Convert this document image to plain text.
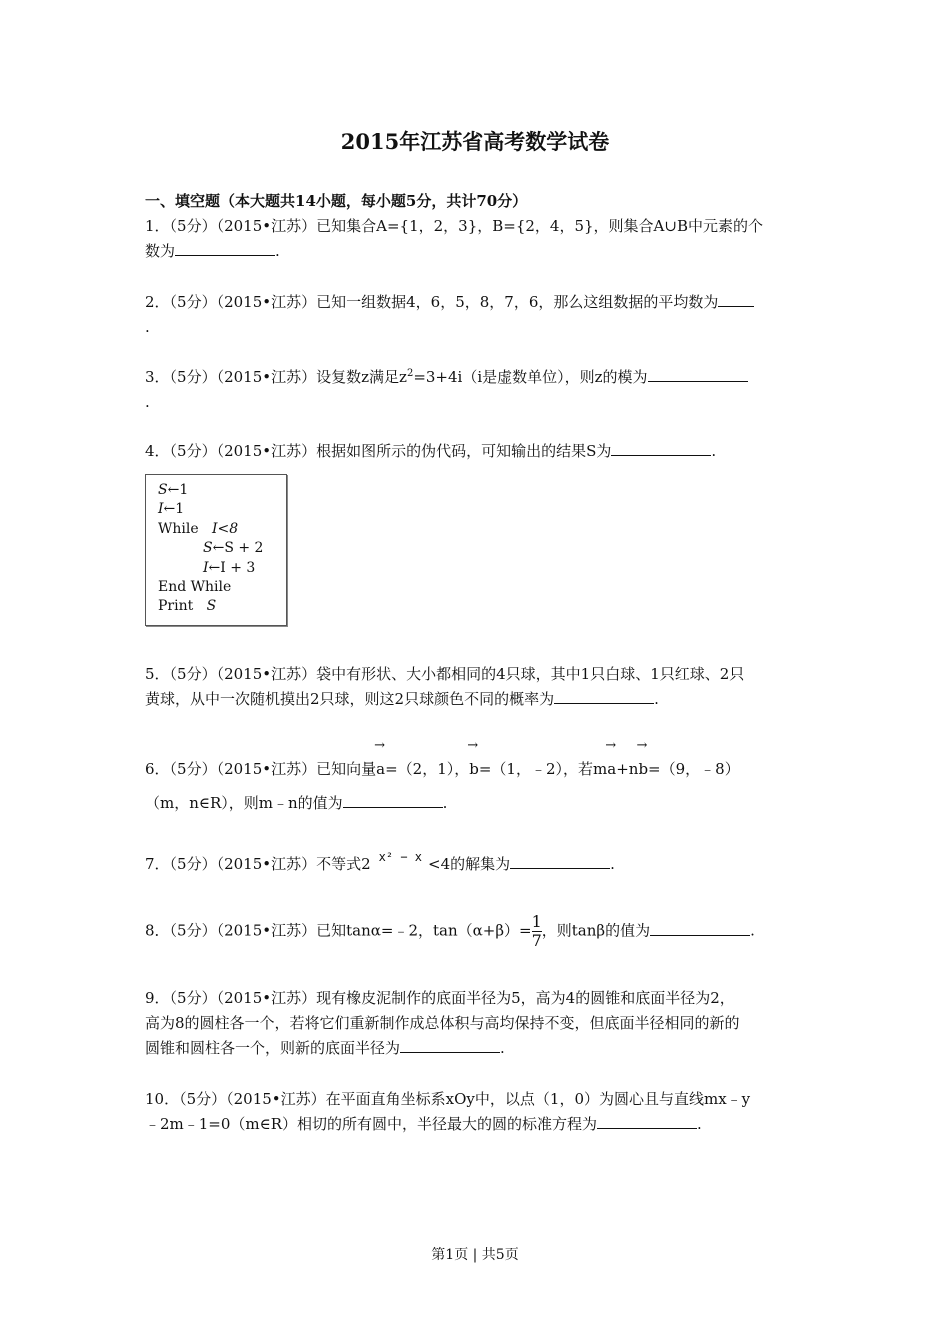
2015年江苏省高考数学试卷
一、填空题（本大题共14小题，每小题5分，共计70分）
1．（5分）（2015•江苏）已知集合A={1，2，3}，B={2，4，5}，则集合A∪B中元素的个
数为	.
2．（5分）（2015•江苏）已知一组数据4，6，5，8，7，6，那么这组数据的平均数为
.
3．（5分）（2015•江苏）设复数z满足$z^2=3+4i(i$是虚数单位），则z的模为
.
4．（5分）（2015•江苏）根据如图所示的伪代码，可知输出的结果S为	.
S←1
I←1
While I<8
S←S + 2
I←I + 3
End While
Print S
5．（5分）（2015•江苏）袋中有形状、大小都相同的4只球，其中1只白球、1只红球、2只
黄球，从中一次随机摸出2只球，则这2只球颜色不同的概率为	.
6．（5分）（2015•江苏）已知向量→ a=（2，1），→ b=（1，﹣2），若m→ a+n→ b=（9，﹣8）
（m，n∈R），则m﹣n的值为	.
7．（5分）（2015•江苏）不等式2 $^{x^2 - x}$ <4的解集为	.
8．（5分）（2015•江苏）已知tanα=﹣2，$\tan(\alpha+\beta)= \frac{1}{7}$ ，则tanβ的值为	.
9．（5分）（2015•江苏）现有橡皮泥制作的底面半径为5，高为4的圆锥和底面半径为2，
高为8的圆柱各一个，若将它们重新制作成总体积与高均保持不变，但底面半径相同的新的
圆锥和圆柱各一个，则新的底面半径为	.
10．（5分）（2015•江苏）在平面直角坐标系xOy中，以点（1，0）为圆心且与直线mx﹣y
﹣2m﹣1=0（m∈R）相切的所有圆中，半径最大的圆的标准方程为	.
第1页 | 共5页
